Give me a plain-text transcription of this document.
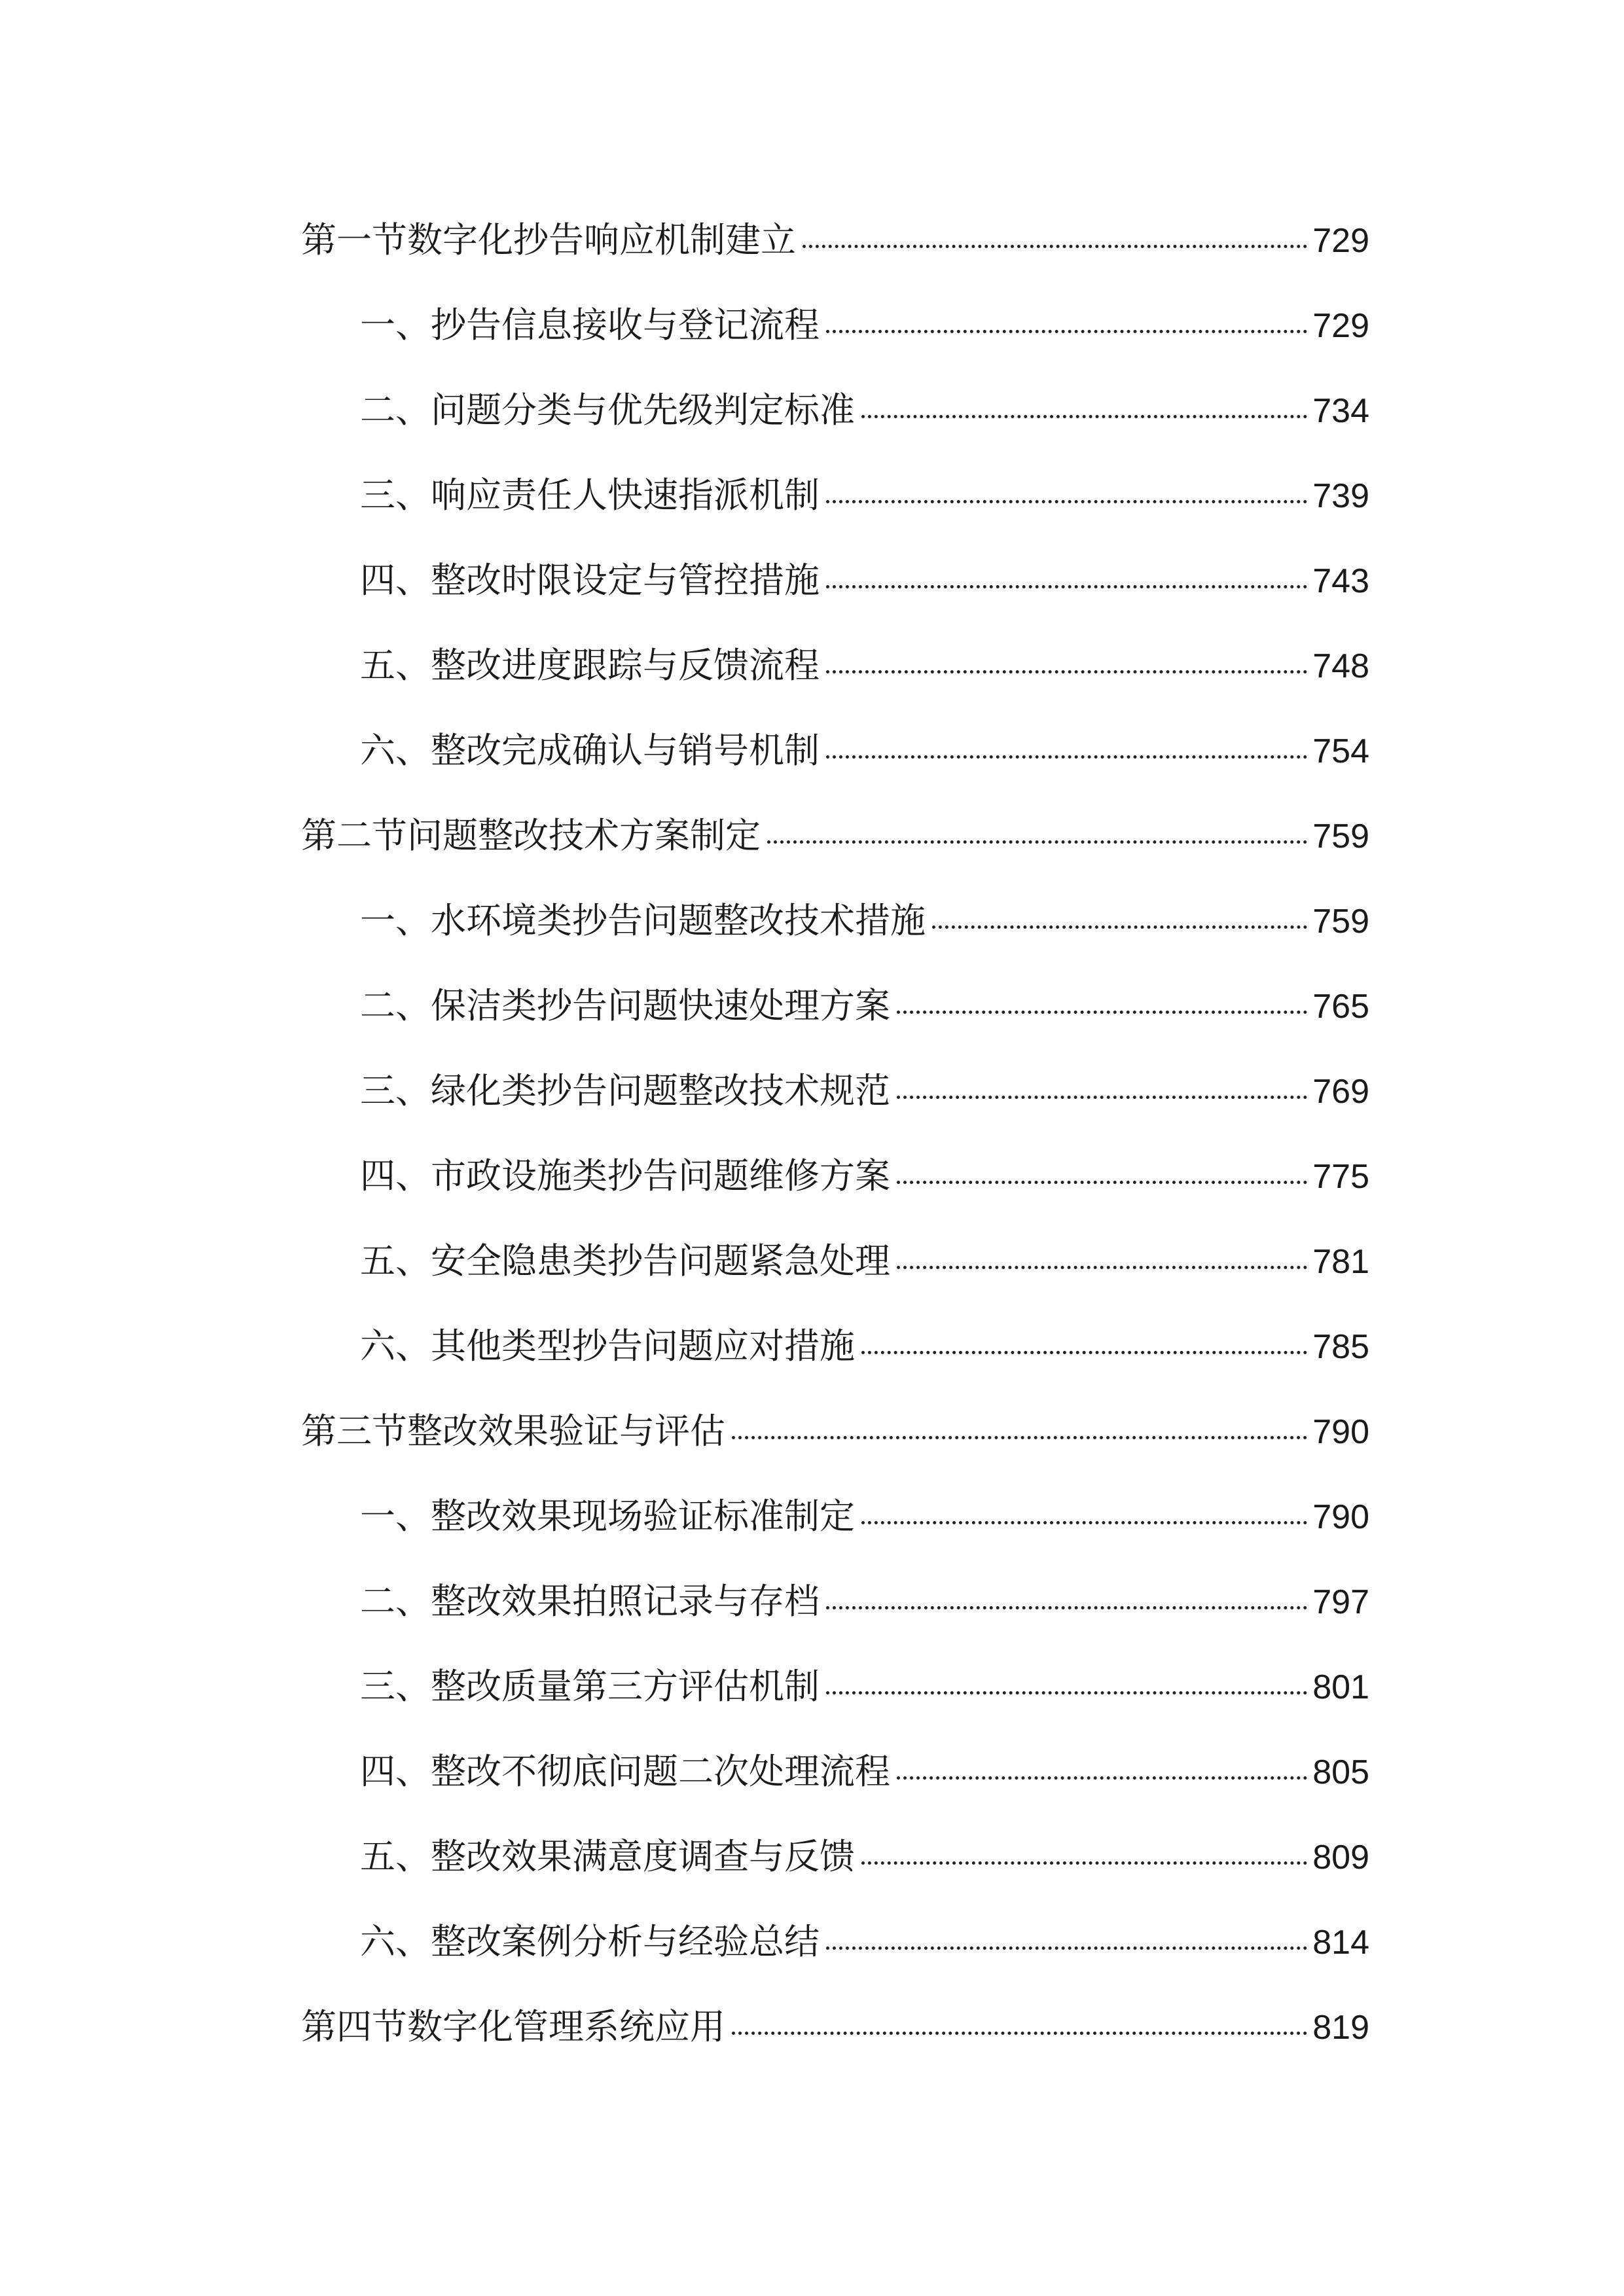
第一节数字化抄告响应机制建立	729
一、抄告信息接收与登记流程	729
二、问题分类与优先级判定标准	734
三、响应责任人快速指派机制	739
四、整改时限设定与管控措施	743
五、整改进度跟踪与反馈流程	748
六、整改完成确认与销号机制	754
第二节问题整改技术方案制定	759
一、水环境类抄告问题整改技术措施	759
二、保洁类抄告问题快速处理方案	765
三、绿化类抄告问题整改技术规范	769
四、市政设施类抄告问题维修方案	775
五、安全隐患类抄告问题紧急处理	781
六、其他类型抄告问题应对措施	785
第三节整改效果验证与评估	790
一、整改效果现场验证标准制定	790
二、整改效果拍照记录与存档	797
三、整改质量第三方评估机制	801
四、整改不彻底问题二次处理流程	805
五、整改效果满意度调查与反馈	809
六、整改案例分析与经验总结	814
第四节数字化管理系统应用	819
